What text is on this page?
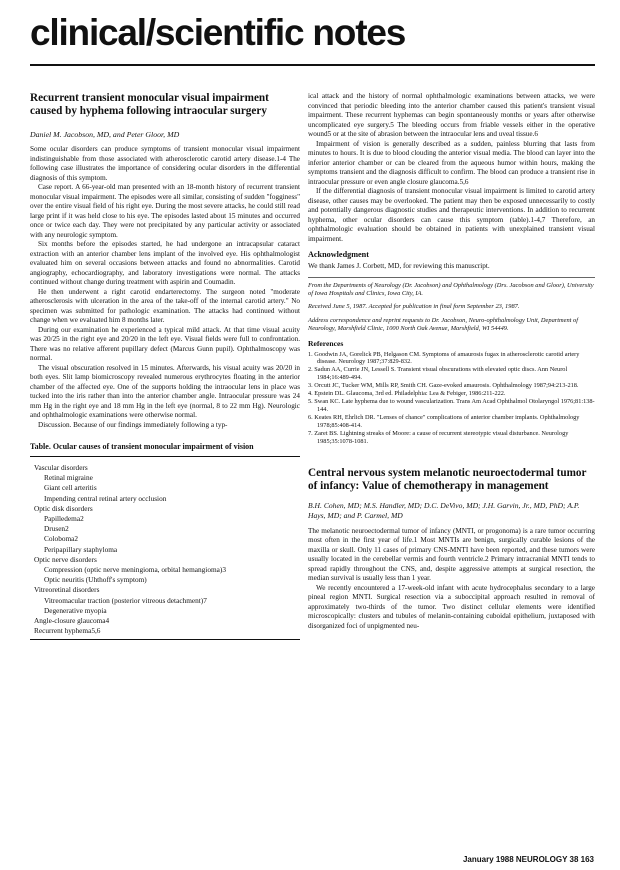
clinical/scientific notes
Recurrent transient monocular visual impairment caused by hyphema following intraocular surgery
Daniel M. Jacobson, MD, and Peter Gloor, MD

Some ocular disorders can produce symptoms of transient monocular visual impairment indistinguishable from those associated with atherosclerotic carotid artery disease.1-4 The following case illustrates the importance of considering ocular disorders in the differential diagnosis of this symptom.

Case report. A 66-year-old man presented with an 18-month history of recurrent transient monocular visual impairment. The episodes were all similar, consisting of sudden "fogginess" over the entire visual field of his right eye. During the most severe attacks, he could still read large print if it was held close to his eye. The episodes lasted about 15 minutes and occurred once or twice each day. They were not precipitated by any particular activity or associated with any neurologic symptom.

Six months before the episodes started, he had undergone an intracapsular cataract extraction with an anterior chamber lens implant of the involved eye. His ophthalmologist evaluated him on several occasions between attacks and found no abnormalities. Carotid angiography, echocardiography, and laboratory investigations were normal. The attacks continued without change during treatment with aspirin and Coumadin.

He then underwent a right carotid endarterectomy. The surgeon noted "moderate atherosclerosis with ulceration in the area of the take-off of the internal carotid artery." No specimen was submitted for pathologic examination. The attacks had continued without change when we evaluated him 8 months later.

During our examination he experienced a typical mild attack. At that time visual acuity was 20/25 in the right eye and 20/20 in the left eye. Visual fields were full to confrontation. There was no relative afferent pupillary defect (Marcus Gunn pupil). Ophthalmoscopy was normal.

The visual obscuration resolved in 15 minutes. Afterwards, his visual acuity was 20/20 in both eyes. Slit lamp biomicroscopy revealed numerous erythrocytes floating in the anterior chamber of the affected eye. One of the supports holding the intraocular lens in place was tucked into the iris rather than into the anterior chamber angle. Intraocular pressure was 24 mm Hg in the right eye and 18 mm Hg in the left eye (normal, 8 to 22 mm Hg). Neurologic and ophthalmologic examinations were otherwise normal.

Discussion. Because of our findings immediately following a typ-

Table. Ocular causes of transient monocular impairment of vision
Vascular disorders
Retinal migraine
Giant cell arteritis
Impending central retinal artery occlusion
Optic disk disorders
Papilledema2
Drusen2
Coloboma2
Peripapillary staphyloma
Optic nerve disorders
Compression (optic nerve meningioma, orbital hemangioma)3
Optic neuritis (Uhthoff's symptom)
Vitreoretinal disorders
Vitreomacular traction (posterior vitreous detachment)7
Degenerative myopia
Angle-closure glaucoma4
Recurrent hyphema5,6

ical attack and the history of normal ophthalmologic examinations between attacks, we were convinced that periodic bleeding into the anterior chamber caused this patient's transient visual impairment. These recurrent hyphemas can begin spontaneously months or years after otherwise uncomplicated eye surgery.5 The bleeding occurs from friable vessels either in the operative wound5 or at the site of abrasion between the intraocular lens and uveal tissue.6

Impairment of vision is generally described as a sudden, painless blurring that lasts from minutes to hours. It is due to blood clouding the anterior visual media. The blood can layer into the inferior anterior chamber or can be cleared from the aqueous humor within hours, making the symptoms transient and the diagnosis difficult to confirm. The blood can produce a transient rise in intraocular pressure or even angle closure glaucoma.5,6

If the differential diagnosis of transient monocular visual impairment is limited to carotid artery disease, other causes may be overlooked. The patient may then be exposed unnecessarily to costly and potentially dangerous diagnostic studies and therapeutic interventions. In addition to recurrent hyphema, other ocular disorders can cause this symptom (table).1-4,7 Therefore, an ophthalmologic evaluation should be obtained in patients with unexplained transient visual impairment.

Acknowledgment
We thank James J. Corbett, MD, for reviewing this manuscript.
From the Departments of Neurology (Dr. Jacobson) and Ophthalmology (Drs. Jacobson and Gloor), University of Iowa Hospitals and Clinics, Iowa City, IA.
Received June 5, 1987. Accepted for publication in final form September 23, 1987.
Address correspondence and reprint requests to Dr. Jacobson, Neuro-ophthalmology Unit, Department of Neurology, Marshfield Clinic, 1000 North Oak Avenue, Marshfield, WI 54449.
References
1. Goodwin JA, Gorelick PB, Helgason CM. Symptoms of amaurosis fugax in atherosclerotic carotid artery disease. Neurology 1987;37:829-832.
2. Sadun AA, Currie JN, Lessell S. Transient visual obscurations with elevated optic discs. Ann Neurol 1984;16:489-494.
3. Orcutt JC, Tucker WM, Mills RP, Smith CH. Gaze-evoked amaurosis. Ophthalmology 1987;94:213-218.
4. Epstein DL. Glaucoma, 3rd ed. Philadelphia: Lea & Febiger, 1986:211-222.
5. Swan KC. Late hyphema due to wound vascularization. Trans Am Acad Ophthalmol Otolaryngol 1976;81:138-144.
6. Keates RH, Ehrlich DR. "Lenses of chance" complications of anterior chamber implants. Ophthalmology 1978;85:408-414.
7. Zaret BS. Lightning streaks of Moore: a cause of recurrent stereotypic visual disturbance. Neurology 1985;35:1078-1081.
Central nervous system melanotic neuroectodermal tumor of infancy: Value of chemotherapy in management
B.H. Cohen, MD; M.S. Handler, MD; D.C. DeVivo, MD; J.H. Garvin, Jr., MD, PhD; A.P. Hays, MD; and P. Carmel, MD

The melanotic neuroectodermal tumor of infancy (MNTI, or progonoma) is a rare tumor occurring most often in the first year of life.1 Most MNTIs are benign, surgically curable lesions of the maxilla or skull. Only 11 cases of primary CNS-MNTI have been reported, and these tumors were usually located in the cerebellar vermis and fourth ventricle.2 Primary intracranial MNTI tends to spread rapidly throughout the CNS, and, despite aggressive attempts at surgical resection, the median survival is usually less than 1 year.

We recently encountered a 17-week-old infant with acute hydrocephalus secondary to a large pineal region MNTI. Surgical resection via a suboccipital approach resulted in removal of approximately two-thirds of the tumor. Two distinct cellular elements were identified microscopically: clusters and tubules of melanin-containing cuboidal epithelium, juxtaposed with disorganized foci of unpigmented neu-

January 1988 NEUROLOGY 38 163
